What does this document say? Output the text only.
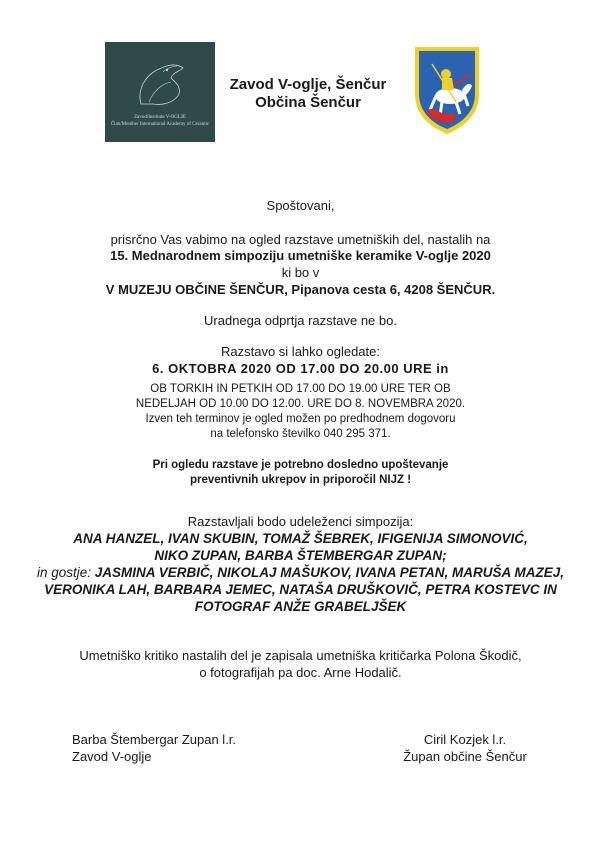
Zavod/Institute V-OGLJE
Član/Member International Academy of Ceramic
Zavod V-oglje, Šenčur
Občina Šenčur
Spoštovani,
prisrčno Vas vabimo na ogled razstave umetniških del, nastalih na
15. Mednarodnem simpoziju umetniške keramike V-oglje 2020
ki bo v
V MUZEJU OBČINE ŠENČUR, Pipanova cesta 6, 4208 ŠENČUR.
Uradnega odprtja razstave ne bo.
Razstavo si lahko ogledate:
6. OKTOBRA 2020 OD 17.00 DO 20.00 URE in
OB TORKIH IN PETKIH OD 17.00 DO 19.00 URE TER OB
NEDELJAH OD 10.00 DO 12.00. URE DO 8. NOVEMBRA 2020.
Izven teh terminov je ogled možen po predhodnem dogovoru
na telefonsko številko 040 295 371.
Pri ogledu razstave je potrebno dosledno upoštevanje
preventivnih ukrepov in priporočil NIJZ !
Razstavljali bodo udeleženci simpozija:
ANA HANZEL, IVAN SKUBIN, TOMAŽ ŠEBREK, IFIGENIJA SIMONOVIĆ,
NIKO ZUPAN, BARBA ŠTEMBERGAR ZUPAN;
in gostje: JASMINA VERBIČ, NIKOLAJ MAŠUKOV, IVANA PETAN, MARUŠA MAZEJ,
VERONIKA LAH, BARBARA JEMEC, NATAŠA DRUŠKOVIČ, PETRA KOSTEVC IN
FOTOGRAF ANŽE GRABELJŠEK
Umetniško kritiko nastalih del je zapisala umetniška kritičarka Polona Škodič,
o fotografijah pa doc. Arne Hodalič.
Barba Štembergar Zupan l.r.
Zavod V-oglje
Ciril Kozjek l.r.
Župan občine Šenčur
